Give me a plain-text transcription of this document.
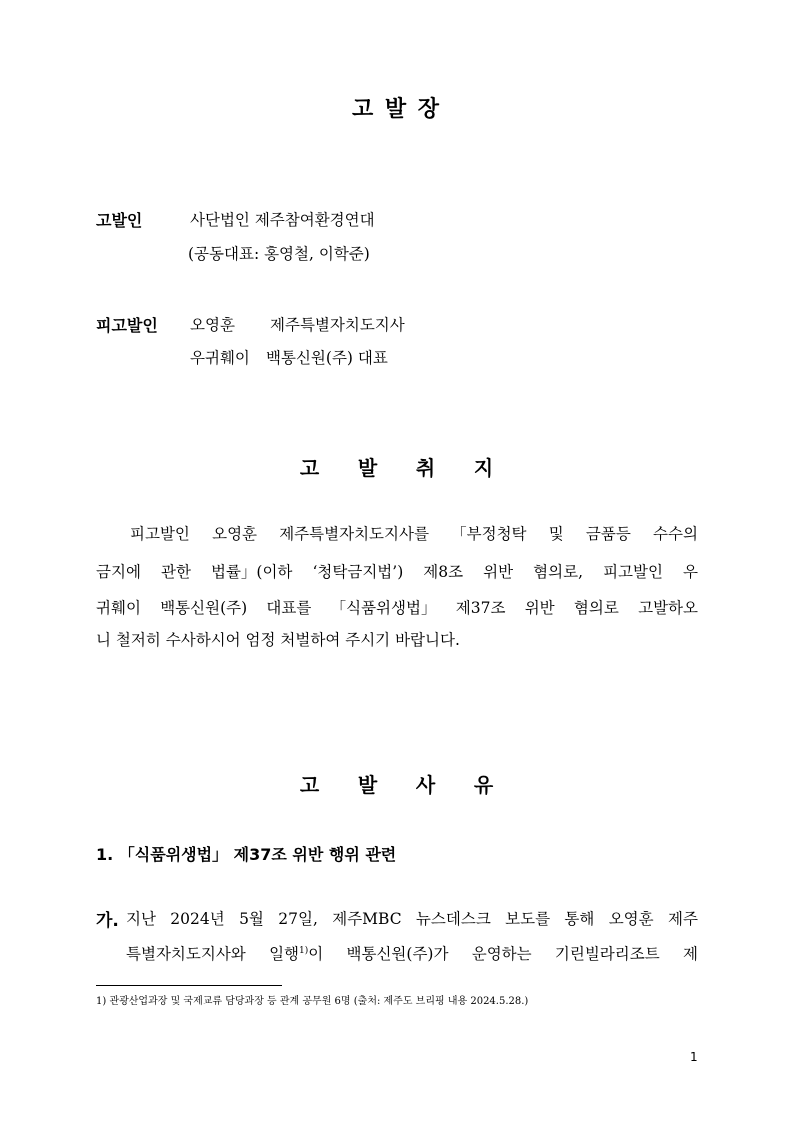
고 발 장
고발인	사단법인 제주참여환경연대
(공동대표: 홍영철, 이학준)
피고발인 오영훈 제주특별자치도지사
우귀훼이 백통신원(주) 대표
고	발	취	지
피고발인 오영훈 제주특별자치도지사를 「부정청탁 및 금품등 수수의
금지에 관한 법률」(이하 ‘청탁금지법’) 제8조 위반 혐의로, 피고발인 우
귀훼이 백통신원(주) 대표를 「식품위생법」 제37조 위반 혐의로 고발하오
니 철저히 수사하시어 엄정 처벌하여 주시기 바랍니다.
고	발	사	유
1. 「식품위생법」 제37조 위반 행위 관련
가. 지난 2024년 5월 27일, 제주MBC 뉴스데스크 보도를 통해 오영훈 제주
특별자치도지사와 일행$^{1)}$이 백통신원(주)가 운영하는 기린빌라리조트 제
1) 관광산업과장 및 국제교류 담당과장 등 관계 공무원 6명 (출처: 제주도 브리핑 내용 2024.5.28.)
1
